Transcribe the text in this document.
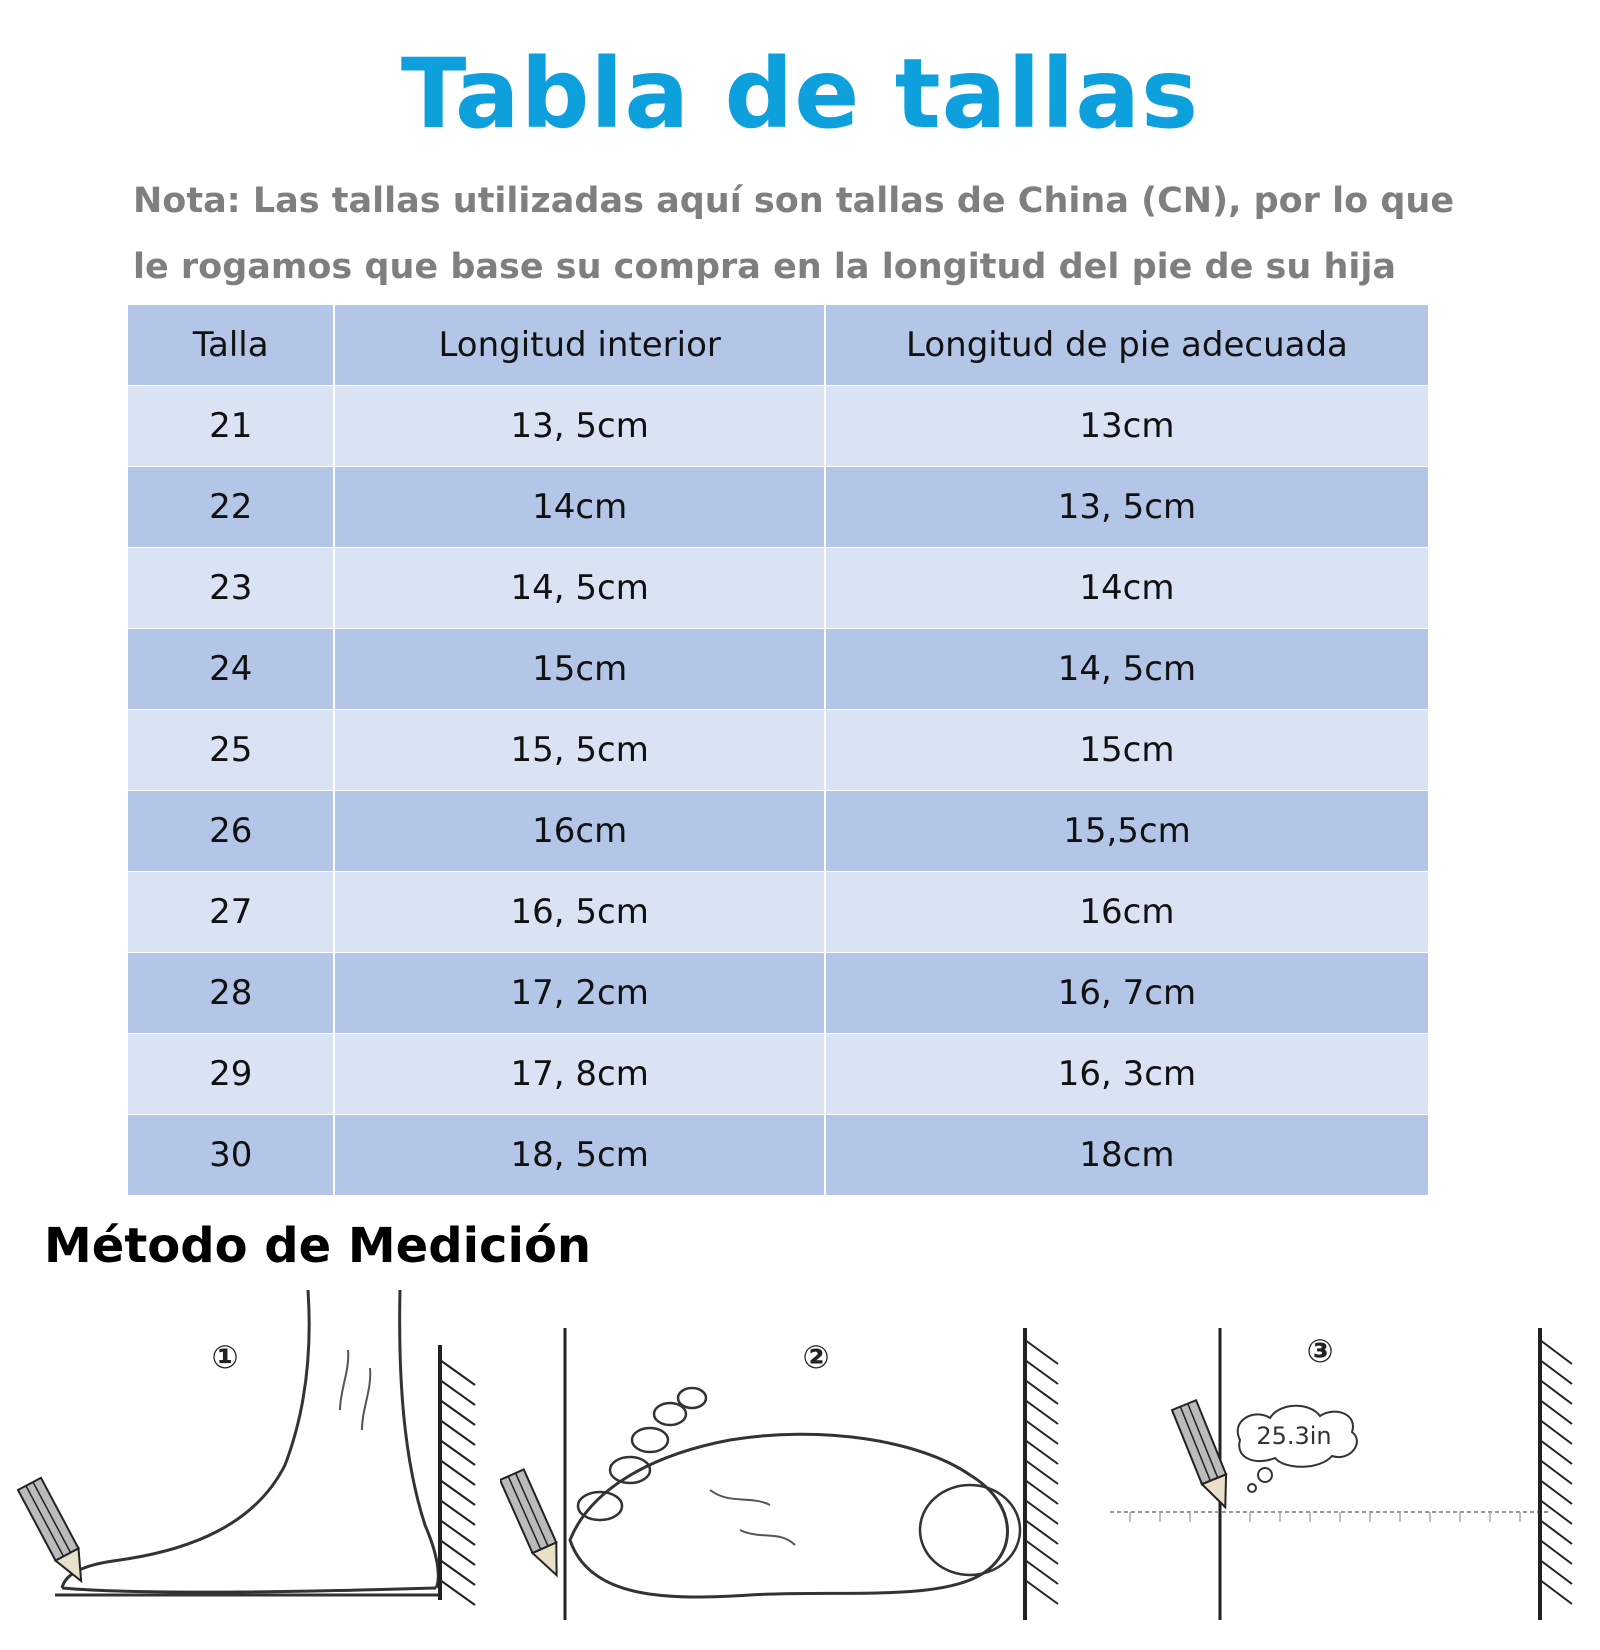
Tabla de tallas
Nota: Las tallas utilizadas aquí son tallas de China (CN), por lo que le rogamos que base su compra en la longitud del pie de su hija
Talla	Longitud interior	Longitud de pie adecuada
21	13, 5cm	13cm
22	14cm	13, 5cm
23	14, 5cm	14cm
24	15cm	14, 5cm
25	15, 5cm	15cm
26	16cm	15,5cm
27	16, 5cm	16cm
28	17, 2cm	16, 7cm
29	17, 8cm	16, 3cm
30	18, 5cm	18cm
Método de Medición
①	②	③
25.3in
